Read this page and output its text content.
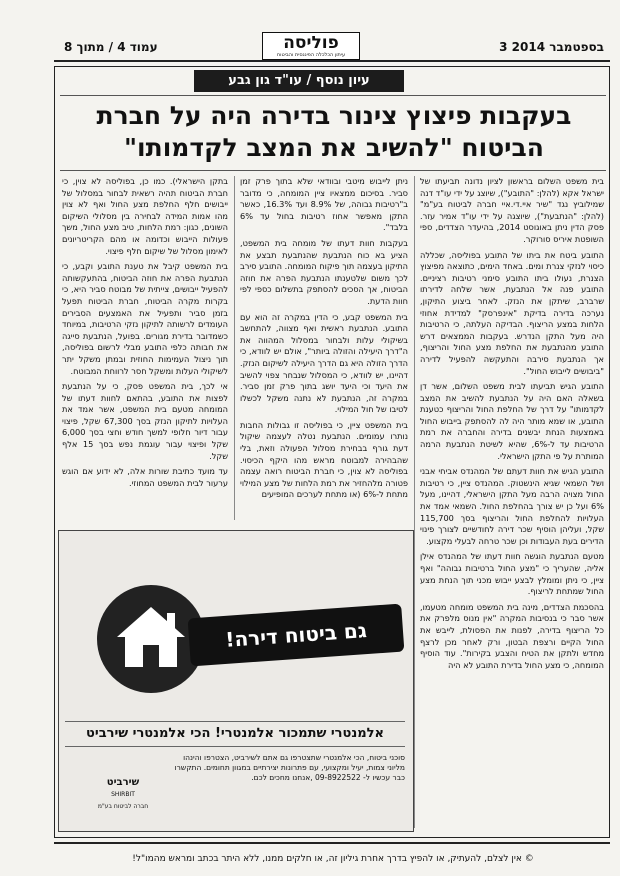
עמוד 4 / מתוך 8	פוליסה
עיתון הכלכלה הפיננסית והביטוח
3 בספטמבר 2014
עיון נוסף / עו"ד גון גבע
בעקבות פיצוץ צינור בדירה היה על חברת הביטוח "להשיב את המצב לקדמותו"

בית משפט השלום בראשון לציון נדונה תביעתו של ישראל אקא (להלן: "התובע"), שיוצג על ידי עו"ד דנה שמילוביץ נגד "שיר איי.די.איי חברה לביטוח בע"מ" (להלן: "הנתבעת"), שיוצגה על ידי עו"ד אמיר עזר. פסק הדין ניתן באוגוסט 2014, בהיעדר הצדדים, ספי השופטת איריס סורוקר.

התובע ביטח את ביתו של התובע בפוליסה, שכללה כיסוי לנזקי צנרת ומים. באחד הימים, כתוצאה מפיצוץ הצנרת, נעולו ביתו התובע סימני רטיבות רציניים. התובע פנה אל הנתבעת, אשר שלחה לדירתו שרברב, שיתקן את הנזק. לאחר ביצוע התיקון, נערכה בדירה בדיקת "אינפרסק" למדידת אחוזי הלחות במצע הריצוף. הבדיקה העלתה, כי הרטיבות היה מעל התקן הנדרש. בעקבות הממצאים דרש התובע מהנתבעת את החלפת מצע החול והריצוף, אך הנתבעת סירבה והתעקשה להפעיל לדירה "ביבושים לייבוש החול".

התובע הגיש תביעתו לבית משפט השלום, אשר דן בשאלה האם היה על הנתבעת להשיב את המצב לקדמותו" על דרך של החלפת החול והריצוף כטענת התובע, או שמא מותר היה לה להסתפק בייבוש החול באמצעות הנחת יבשנים בדירה והחברה את רמת הרטיבות עד ל-6%, שהיא לשיטת הנתבעת הרמה המותרת על פי התקן הישראלי.

התובע הגיש את חוות דעתם של המהנדס אביחי אבני ושל השמאי שגיא הינשטוק. המהנדס ציין, כי רטיבות החול מצויה הרבה מעל התקן הישראלי, דהיינו, מעל 6% ועל כן יש צורך בהחלפת החול. השמאי אמד את העלויות להחלפת החול והריצוף בסך 115,700 שקל, ועליהן הוסיף שכר דירה לחודשיים לצורך פינוי הדירים בעת העבודות וכן שכר טרחה לבעלי מקצוע.

מטעם הנתבעת הוגשה חוות דעתו של המהנדס אילן אליה, שהעריך כי "מצע החול ברטיבות גבוהה" ואף ציין, כי ניתן ומומלץ לבצע ייבוש מכני תוך הנחת מצע החול שמתחת לריצוף.

בהסכמת הצדדים, מינה בית המשפט מומחה מטעמו, אשר סבר כי בנסיבות המקרה "אין מנוס מלפרק את כל הריצוף בדירה, לפנות את הפסולת, לייבש את החול הקיים ורצפת הבטון, ורק לאחר מכן לרצף מחדש ולתקן את הטיח והצבע בקירות". עוד הוסיף המומחה, כי מצע החול בדירת התובע לא היה

ניתן לייבוש מיטבי ובוודאי שלא בתוך פרק זמן סביר. בסיכום ממצאיו ציין המומחה, כי מדובר ב"רטיבות גבוהה, של 8.9% ועד 16.3%, כאשר התקן מאפשר אחוז רטיבות בחול עד 6% בלבד".

בעקבות חוות דעתו של מומחה בית המשפט, הציע בא כוח הנתבעת שהנתבעת תבצע את התיקון בעצמה תוך פיקוח המומחה. התובע סירב לכך משום שלטענתו הנתבעת הפרה את חוזה הביטוח, אך הסכים להסתפק בתשלום כספי לפי חוות הדעת.

בית המשפט קבע, כי הדין במקרה זה הוא עם התובע. הנתבעת ראשית ואף מצווה, להתחשב בשיקולי עלות ולבחור במסלול המהווה את ה"דרך היעילה והזולה ביותר", אולם יש לוודא, כי הדרך הזולה היא גם הדרך היעילה לשיקום הנזק. דהיינו, יש לוודא, כי המסלול שנבחר צפוי להשיב את היעד וכי היעד יושג בתוך פרק זמן סביר. במקרה זה, הנתבעת לא נתנה משקל לכשלו לטיבו של חול המילוי.

בית המשפט ציין, כי בפוליסה זו גבולות החבות נותרו עמומים. הנתבעת נטלה לעצמה שיקול דעת גורף בבחירת מסלול הפעולה וזאת, בלי שהבהירה למבוטח מראש מהו היקף הכיסוי. בפוליסה לא צוין, כי חברת הביטוח רואה עצמה פטורה מלהחזיר את רמת הלחות של מצע המילוי מתחת ל-6% (או מתחת לערכים המופיעים

בתקן הישראלי). כמו כן, בפוליסה לא צוין, כי חברת הביטוח תהיה רשאית לבחור במסלול של ייבושים חלף החלפת מצע החול ואף לא צוין מהו אמות המידה לבחירה בין מסלולי השיקום השונים, כגון: רמת הלחות, טיב מצע החול, משך פעולות הייבוש וכדומה או מהם הקריטריונים לאימון מסלול של שיקום חלף פיצוי.

בית המשפט קיבל את טענת התובע וקבע, כי הנתבעת הפרה את חוזה הביטוח, בהתעקשותה להפעיל ייבושים, צייתית של מבוטח סביר היא, כי בקרות מקרה הביטוח, חברת הביטוח תפעל בזמן סביר ותפעיל את האמצעים הסבירים העומדים לרשותה לתיקון נזקי הרטיבות, במיוחד כשמדובר בדירת מגורים. בפועל, הנתבעת סייגה את חבותה כלפי התובע מבלי לרשום בפוליסה, תוך ניצול העמימות החוזית ובמתן משקל יתר לשיקולי העלות ומשקל חסר לרווחת המבוטח.

אי לכך, בית המשפט פסק, כי על הנתבעת לפצות את התובע, בהתאם לחוות דעתו של המומחה מטעם בית המשפט, אשר אמד את העלויות לתיקון הנזק בסך 67,300 שקל, פיצוי עבור דיור חלופי למשך חודש וחצי בסך 6,000 שקל ופיצוי עבור עוגמת נפש בסך 15 אלף שקל.

עד מועד כתיבת שורות אלה, לא ידוע אם הוגש ערעור לבית המשפט המחוזי.

גם ביטוח דירה!
אלמנטרי שתמכור אלמנטרי! הכי אלמנטרי שירביט
סוכני ביטוח, הכי אלמנטרי שתצטרפו גם אתם לשירביט, הצטרפו והינהו מליוני צמות, יעיל ומקצועי, עם פתרונות יצירתיים במגוון תחומים. התקשרו כבר עכשיו ל- 09-8922522 ,אנחנו מחכים לכם.
שירביט
SHIRBIT
חברה לביטוח בע"מ
© אין לצלם, להעתיק, או להפיץ בדרך אחרת גיליון זה, או חלקים ממנו, ללא היתר בכתב ומראש מהמו"ל!
